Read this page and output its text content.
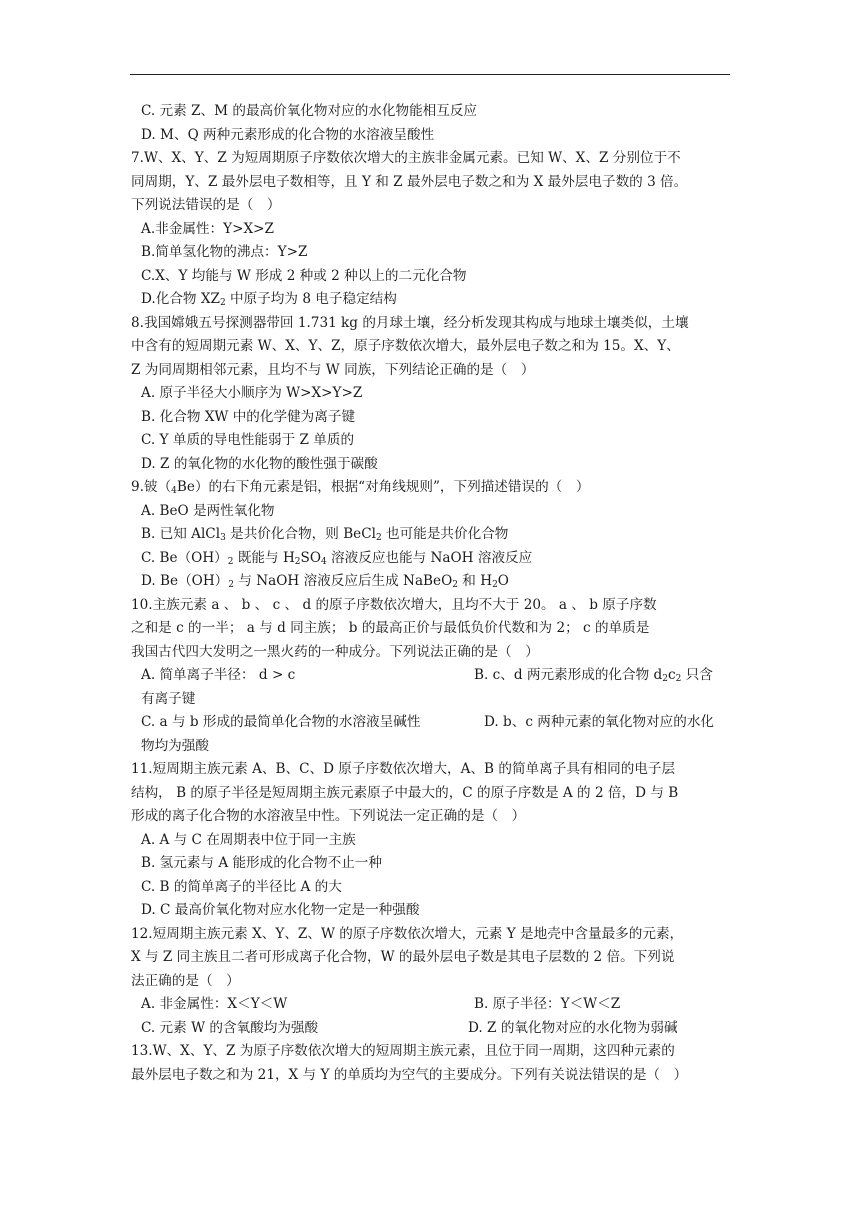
C. 元素 Z、M 的最高价氧化物对应的水化物能相互反应
D. M、Q 两种元素形成的化合物的水溶液呈酸性
7.W、X、Y、Z 为短周期原子序数依次增大的主族非金属元素。已知 W、X、Z 分别位于不
同周期，Y、Z 最外层电子数相等，且 Y 和 Z 最外层电子数之和为 X 最外层电子数的 3 倍。
下列说法错误的是（　）
A.非金属性：Y>X>Z
B.简单氢化物的沸点：Y>Z
C.X、Y 均能与 W 形成 2 种或 2 种以上的二元化合物
D.化合物 $XZ_2$ 中原子均为 8 电子稳定结构
8.我国嫦娥五号探测器带回 1.731 kg 的月球土壤，经分析发现其构成与地球土壤类似，土壤
中含有的短周期元素 W、X、Y、Z，原子序数依次增大，最外层电子数之和为 15。X、Y、
Z 为同周期相邻元素，且均不与 W 同族，下列结论正确的是（　）
A. 原子半径大小顺序为 W>X>Y>Z
B. 化合物 XW 中的化学健为离子键
C. Y 单质的导电性能弱于 Z 单质的
D. Z 的氧化物的水化物的酸性强于碳酸
9.铍$(_4Be)$的右下角元素是铝，根据“对角线规则”，下列描述错误的（　）
A. BeO 是两性氧化物
B. 已知 AlCl$_3$ 是共价化合物，则 BeCl$_2$ 也可能是共价化合物
C. $Be(OH)_2$ 既能与 $H_2SO_4$ 溶液反应也能与 NaOH 溶液反应
D. $Be(OH)_2$ 与 NaOH 溶液反应后生成 NaBeO$_2$ 和 $H_2O$
10.主族元素 a 、 b 、 c 、 d 的原子序数依次增大，且均不大于 20。 a 、 b 原子序数
之和是 c 的一半； a 与 d 同主族； b 的最高正价与最低负价代数和为 2； c 的单质是
我国古代四大发明之一黑火药的一种成分。下列说法正确的是（　）
A. 简单离子半径： d > c	B. c、d 两元素形成的化合物 $d_2c_2$ 只含
有离子键
C. a 与 b 形成的最简单化合物的水溶液呈碱性	D. b、c 两种元素的氧化物对应的水化
物均为强酸
11.短周期主族元素 A、B、C、D 原子序数依次增大，A、B 的简单离子具有相同的电子层
结构， B 的原子半径是短周期主族元素原子中最大的，C 的原子序数是 A 的 2 倍，D 与 B
形成的离子化合物的水溶液呈中性。下列说法一定正确的是（　）
A. A 与 C 在周期表中位于同一主族
B. 氢元素与 A 能形成的化合物不止一种
C. B 的简单离子的半径比 A 的大
D. C 最高价氧化物对应水化物一定是一种强酸
12.短周期主族元素 X、Y、Z、W 的原子序数依次增大，元素 Y 是地壳中含量最多的元素，
X 与 Z 同主族且二者可形成离子化合物，W 的最外层电子数是其电子层数的 2 倍。下列说
法正确的是（　）
A. 非金属性：X＜Y＜W	B. 原子半径：Y＜W＜Z
C. 元素 W 的含氧酸均为强酸	D. Z 的氧化物对应的水化物为弱碱
13.W、X、Y、Z 为原子序数依次增大的短周期主族元素，且位于同一周期，这四种元素的
最外层电子数之和为 21，X 与 Y 的单质均为空气的主要成分。下列有关说法错误的是（　）
